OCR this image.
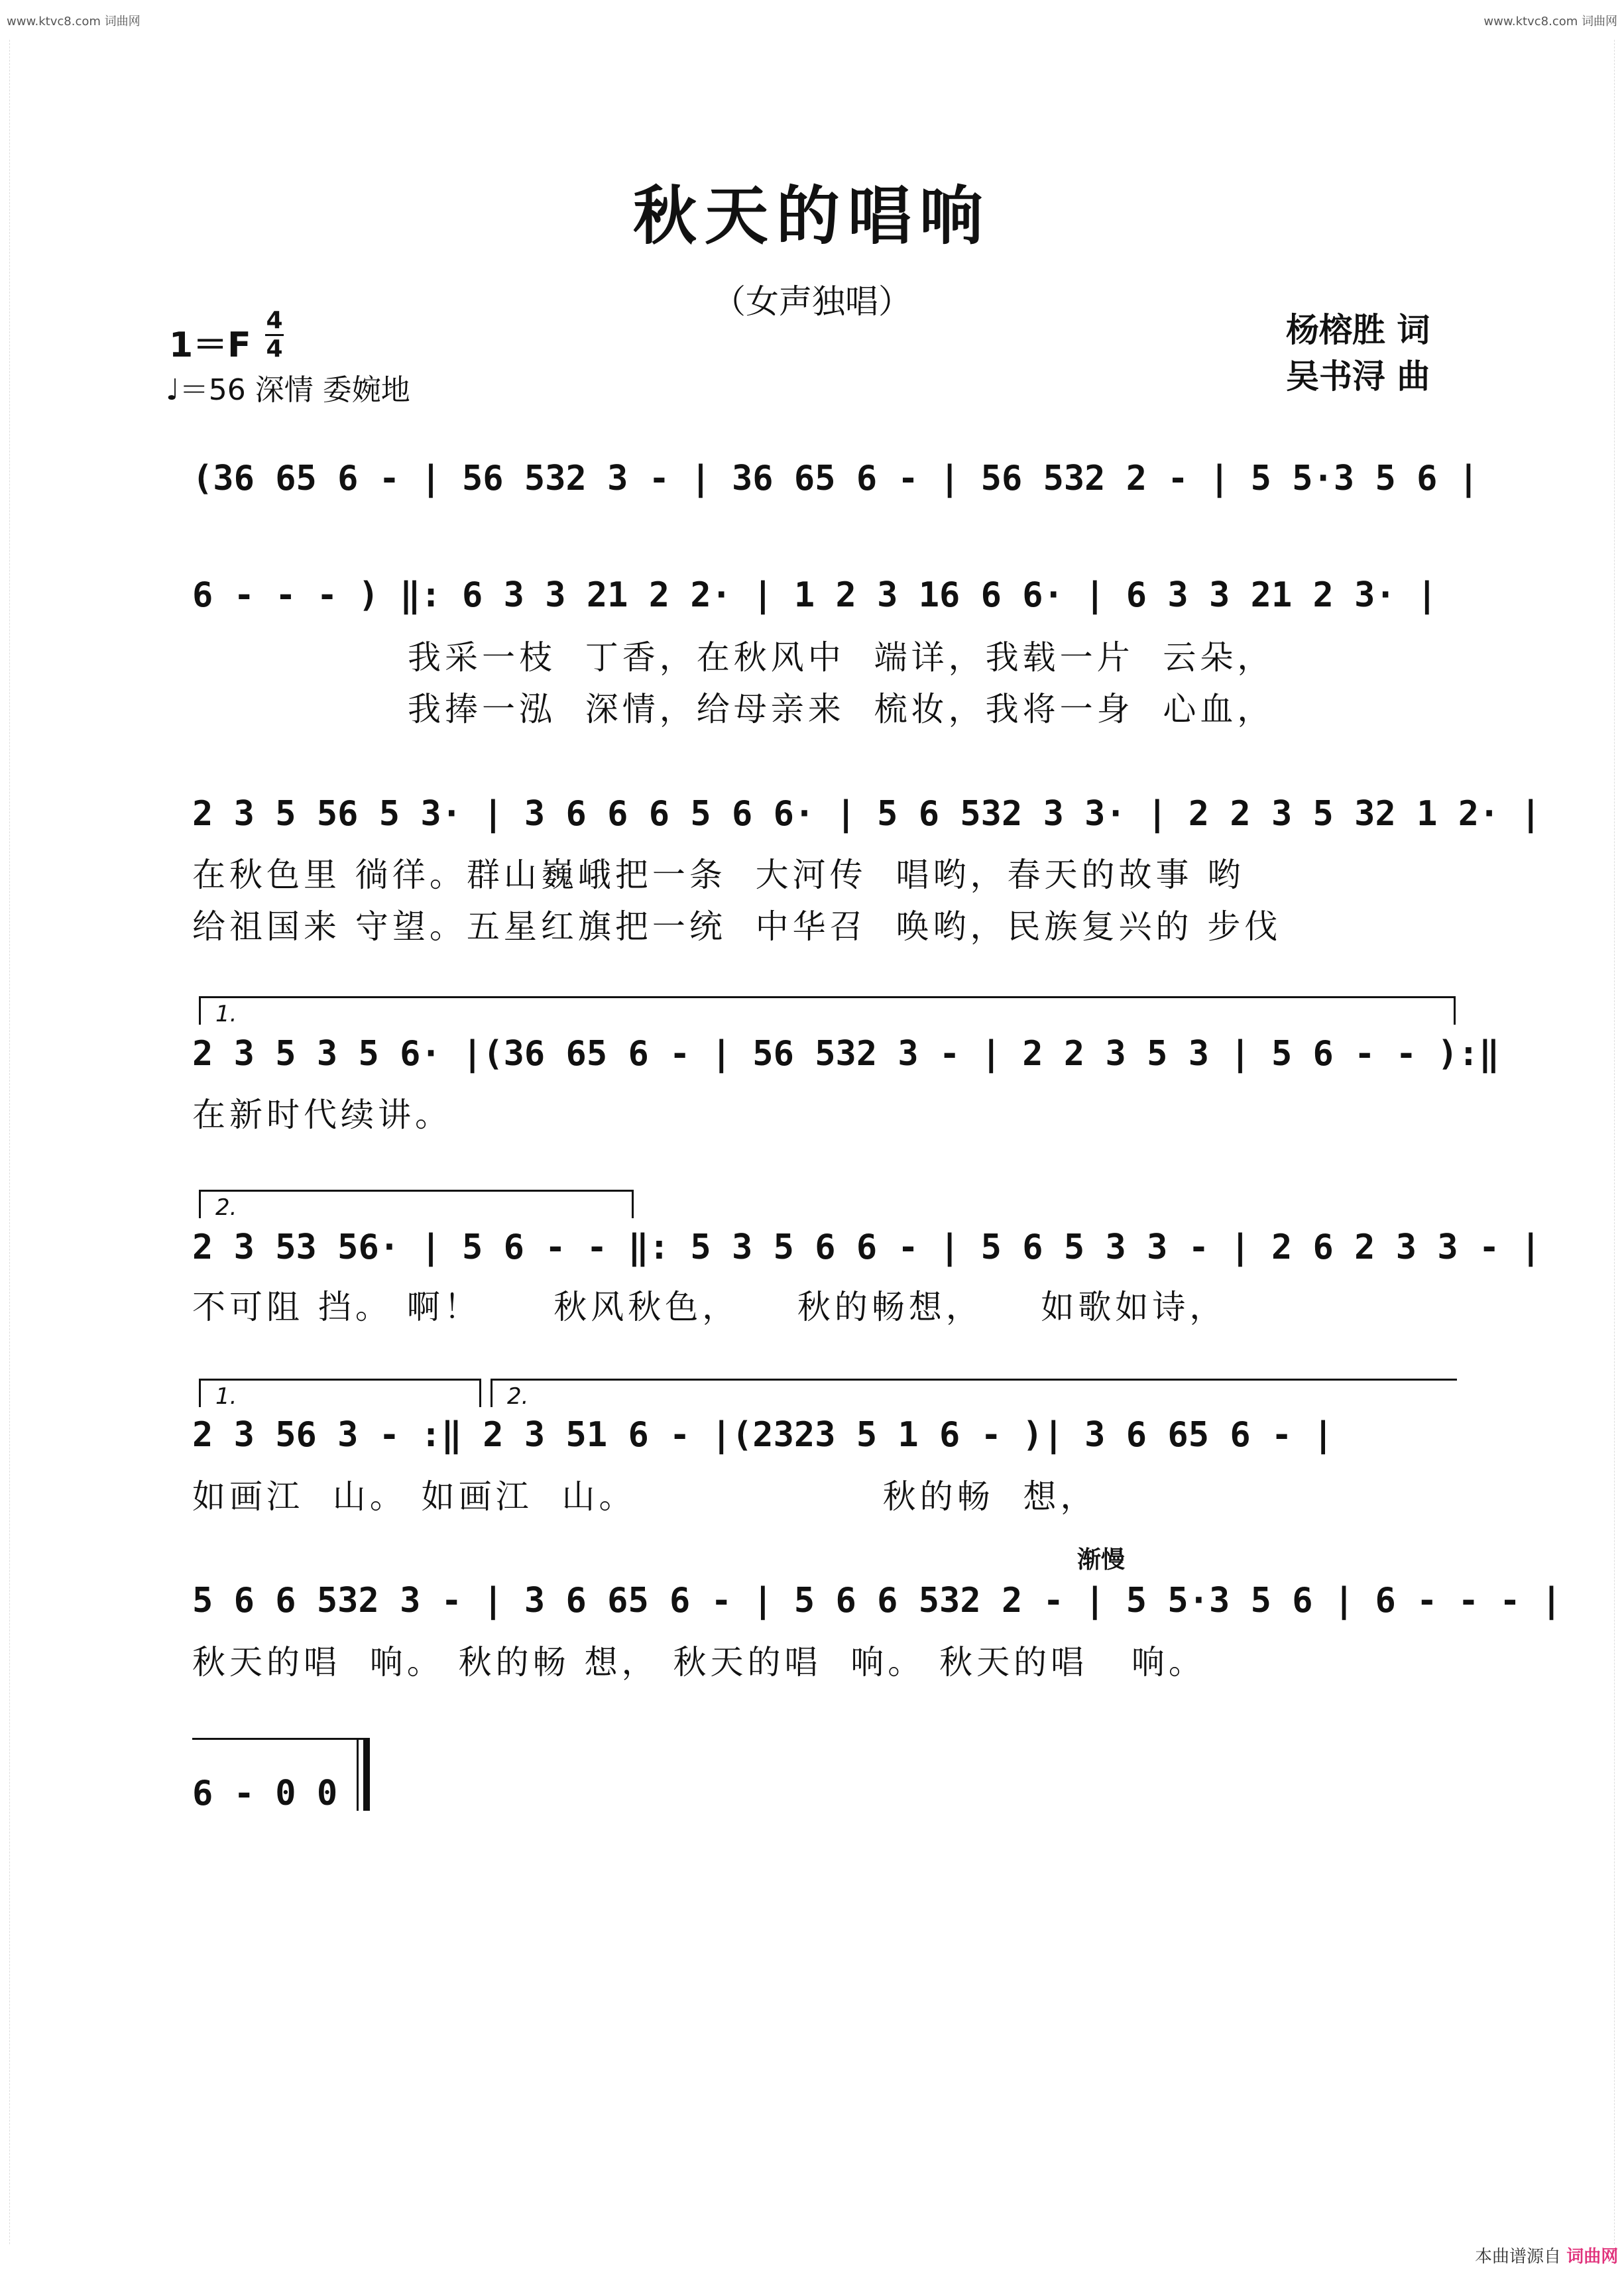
www.ktvc8.com 词曲网	www.ktvc8.com 词曲网
秋天的唱响
（女声独唱）
杨榕胜 词
吴书浔 曲
1＝F
4
4
♩＝56 深情 委婉地
(36 65 6 - | 56 532 3 - | 36 65 6 - | 56 532 2 - | 5 5·3 5 6 |
6 - - - ) ‖: 6 3 3 21 2 2· | 1 2 3 16 6 6· | 6 3 3 21 2 3· |
我采一枝  丁香，在秋风中  端详，我载一片  云朵，
我捧一泓  深情，给母亲来  梳妆，我将一身  心血，
2 3 5 56 5 3· | 3 6 6 6 5 6 6· | 5 6 532 3 3· | 2 2 3 5 32 1 2· |
在秋色里 徜徉。群山巍峨把一条  大河传  唱哟，春天的故事 哟
给祖国来 守望。五星红旗把一统  中华召  唤哟，民族复兴的 步伐
1.
2 3 5 3 5 6· |(36 65 6 - | 56 532 3 - | 2 2 3 5 3 | 5 6 - - ):‖
在新时代续讲。
2.
2 3 53 56· | 5 6 - - ‖: 5 3 5 6 6 - | 5 6 5 3 3 - | 2 6 2 3 3 - |
不可阻 挡。 啊！     秋风秋色，    秋的畅想，    如歌如诗，
1.	2.
2 3 56 3 - :‖ 2 3 51 6 - |(2323 5 1 6 - )| 3 6 65 6 - |
如画江  山。 如画江  山。                 秋的畅  想，
渐慢
5 6 6 532 3 - | 3 6 65 6 - | 5 6 6 532 2 - | 5 5·3 5 6 | 6 - - - |
秋天的唱  响。 秋的畅 想， 秋天的唱  响。 秋天的唱   响。
6 - 0 0
本曲谱源自 词曲网
